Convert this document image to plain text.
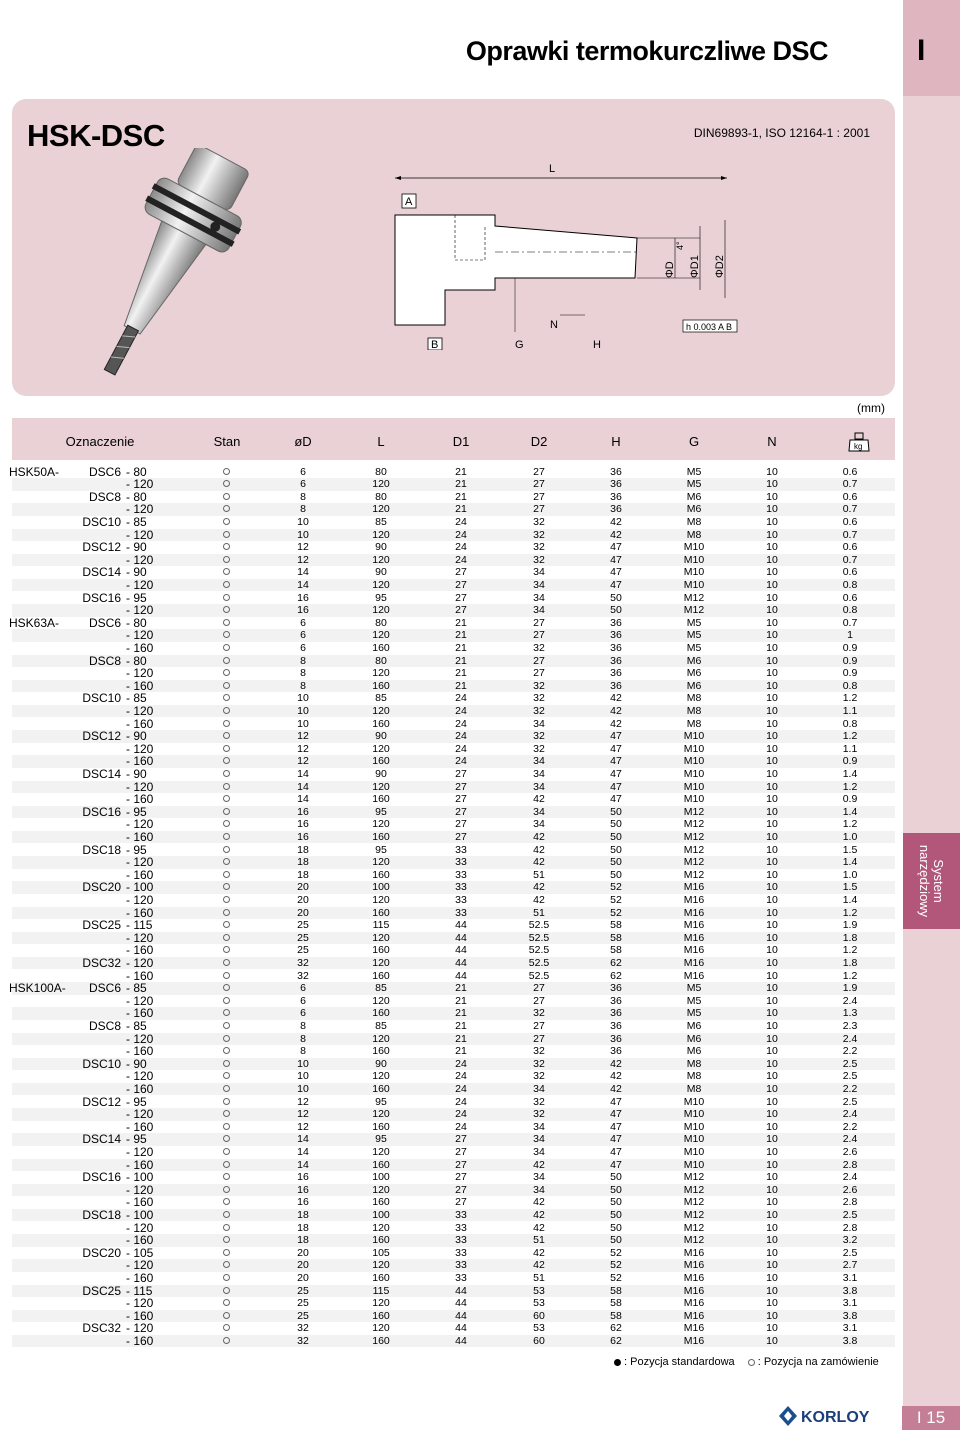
System
narzędziowy
Oprawki termokurczliwe DSC	I
HSK-DSC	DIN69893-1, ISO 12164-1 : 2001
L
A
ΦD ΦD1 ΦD2
4°
h 0.003 A B
N
B	G	H
(mm)
Oznaczenie	Stan	øD	L	D1	D2	H	G	N	kg
HSK50A- DSC6 - 80	6	80	21	27	36	M5	10	0.6
- 120	6	120	21	27	36	M5	10	0.7
DSC8 - 80	8	80	21	27	36	M6	10	0.6
- 120	8	120	21	27	36	M6	10	0.7
DSC10 - 85	10	85	24	32	42	M8	10	0.6
- 120	10	120	24	32	42	M8	10	0.7
DSC12 - 90	12	90	24	32	47	M10	10	0.6
- 120	12	120	24	32	47	M10	10	0.7
DSC14 - 90	14	90	27	34	47	M10	10	0.6
- 120	14	120	27	34	47	M10	10	0.8
DSC16 - 95	16	95	27	34	50	M12	10	0.6
- 120	16	120	27	34	50	M12	10	0.8
HSK63A- DSC6 - 80	6	80	21	27	36	M5	10	0.7
- 120	6	120	21	27	36	M5	10	1
- 160	6	160	21	32	36	M5	10	0.9
DSC8 - 80	8	80	21	27	36	M6	10	0.9
- 120	8	120	21	27	36	M6	10	0.9
- 160	8	160	21	32	36	M6	10	0.8
DSC10 - 85	10	85	24	32	42	M8	10	1.2
- 120	10	120	24	32	42	M8	10	1.1
- 160	10	160	24	34	42	M8	10	0.8
DSC12 - 90	12	90	24	32	47	M10	10	1.2
- 120	12	120	24	32	47	M10	10	1.1
- 160	12	160	24	34	47	M10	10	0.9
DSC14 - 90	14	90	27	34	47	M10	10	1.4
- 120	14	120	27	34	47	M10	10	1.2
- 160	14	160	27	42	47	M10	10	0.9
DSC16 - 95	16	95	27	34	50	M12	10	1.4
- 120	16	120	27	34	50	M12	10	1.2
- 160	16	160	27	42	50	M12	10	1.0
DSC18 - 95	18	95	33	42	50	M12	10	1.5
- 120	18	120	33	42	50	M12	10	1.4
- 160	18	160	33	51	50	M12	10	1.0
DSC20 - 100	20	100	33	42	52	M16	10	1.5
- 120	20	120	33	42	52	M16	10	1.4
- 160	20	160	33	51	52	M16	10	1.2
DSC25 - 115	25	115	44	52.5	58	M16	10	1.9
- 120	25	120	44	52.5	58	M16	10	1.8
- 160	25	160	44	52.5	58	M16	10	1.2
DSC32 - 120	32	120	44	52.5	62	M16	10	1.8
- 160	32	160	44	52.5	62	M16	10	1.2
HSK100A- DSC6 - 85	6	85	21	27	36	M5	10	1.9
- 120	6	120	21	27	36	M5	10	2.4
- 160	6	160	21	32	36	M5	10	1.3
DSC8 - 85	8	85	21	27	36	M6	10	2.3
- 120	8	120	21	27	36	M6	10	2.4
- 160	8	160	21	32	36	M6	10	2.2
DSC10 - 90	10	90	24	32	42	M8	10	2.5
- 120	10	120	24	32	42	M8	10	2.5
- 160	10	160	24	34	42	M8	10	2.2
DSC12 - 95	12	95	24	32	47	M10	10	2.5
- 120	12	120	24	32	47	M10	10	2.4
- 160	12	160	24	34	47	M10	10	2.2
DSC14 - 95	14	95	27	34	47	M10	10	2.4
- 120	14	120	27	34	47	M10	10	2.6
- 160	14	160	27	42	47	M10	10	2.8
DSC16 - 100	16	100	27	34	50	M12	10	2.4
- 120	16	120	27	34	50	M12	10	2.6
- 160	16	160	27	42	50	M12	10	2.8
DSC18 - 100	18	100	33	42	50	M12	10	2.5
- 120	18	120	33	42	50	M12	10	2.8
- 160	18	160	33	51	50	M12	10	3.2
DSC20 - 105	20	105	33	42	52	M16	10	2.5
- 120	20	120	33	42	52	M16	10	2.7
- 160	20	160	33	51	52	M16	10	3.1
DSC25 - 115	25	115	44	53	58	M16	10	3.8
- 120	25	120	44	53	58	M16	10	3.1
- 160	25	160	44	60	58	M16	10	3.8
DSC32 - 120	32	120	44	53	62	M16	10	3.1
- 160	32	160	44	60	62	M16	10	3.8
: Pozycja standardowa : Pozycja na zamówienie
KORLOY	I 15
